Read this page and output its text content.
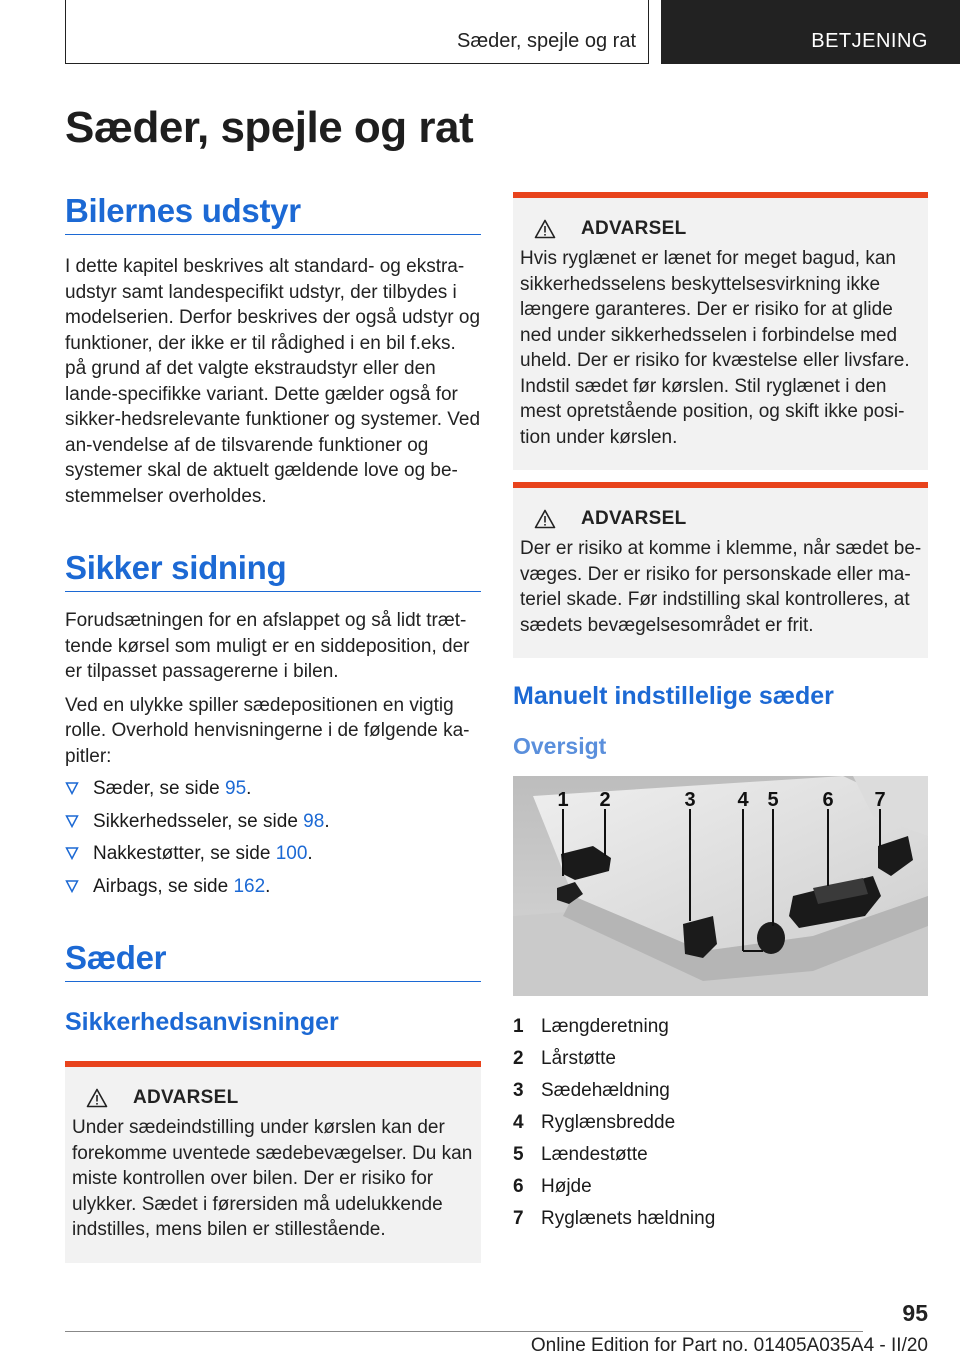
Sæder, spejle og rat	BETJENING
Sæder, spejle og rat
Bilernes udstyr

I dette kapitel beskrives alt standard- og ekstra-udstyr samt landespecifikt udstyr, der tilbydes i modelserien. Derfor beskrives der også udstyr og funktioner, der ikke er til rådighed i en bil f.eks. på grund af det valgte ekstraudstyr eller den lande-specifikke variant. Dette gælder også for sikker-hedsrelevante funktioner og systemer. Ved an-vendelse af de tilsvarende funktioner og systemer skal de aktuelt gældende love og be-stemmelser overholdes.

Sikker sidning

Forudsætningen for en afslappet og så lidt træt-tende kørsel som muligt er en siddeposition, der er tilpasset passagererne i bilen.

Ved en ulykke spiller sædepositionen en vigtig rolle. Overhold henvisningerne i de følgende ka-pitler:

Sæder, se side 95.
Sikkerhedsseler, se side 98.
Nakkestøtter, se side 100.
Airbags, se side 162.
Sæder
Sikkerhedsanvisninger
ADVARSEL

Under sædeindstilling under kørslen kan der forekomme uventede sædebevægelser. Du kan miste kontrollen over bilen. Der er risiko for ulykker. Sædet i førersiden må udelukkende indstilles, mens bilen er stillestående.

ADVARSEL

Hvis ryglænet er lænet for meget bagud, kan sikkerhedsselens beskyttelsesvirkning ikke længere garanteres. Der er risiko for at glide ned under sikkerhedsselen i forbindelse med uheld. Der er risiko for kvæstelse eller livsfare. Indstil sædet før kørslen. Stil ryglænet i den mest opretstående position, og skift ikke posi-tion under kørslen.

ADVARSEL

Der er risiko at komme i klemme, når sædet be-væges. Der er risiko for personskade eller ma-teriel skade. Før indstilling skal kontrolleres, at sædets bevægelsesområdet er frit.

Manuelt indstillelige sæder
Oversigt
1 2	3 4 5 6 7
1 Længderetning
2 Lårstøtte
3 Sædehældning
4 Ryglænsbredde
5 Lændestøtte
6 Højde
7 Ryglænets hældning
95
Online Edition for Part no. 01405A035A4 - II/20
